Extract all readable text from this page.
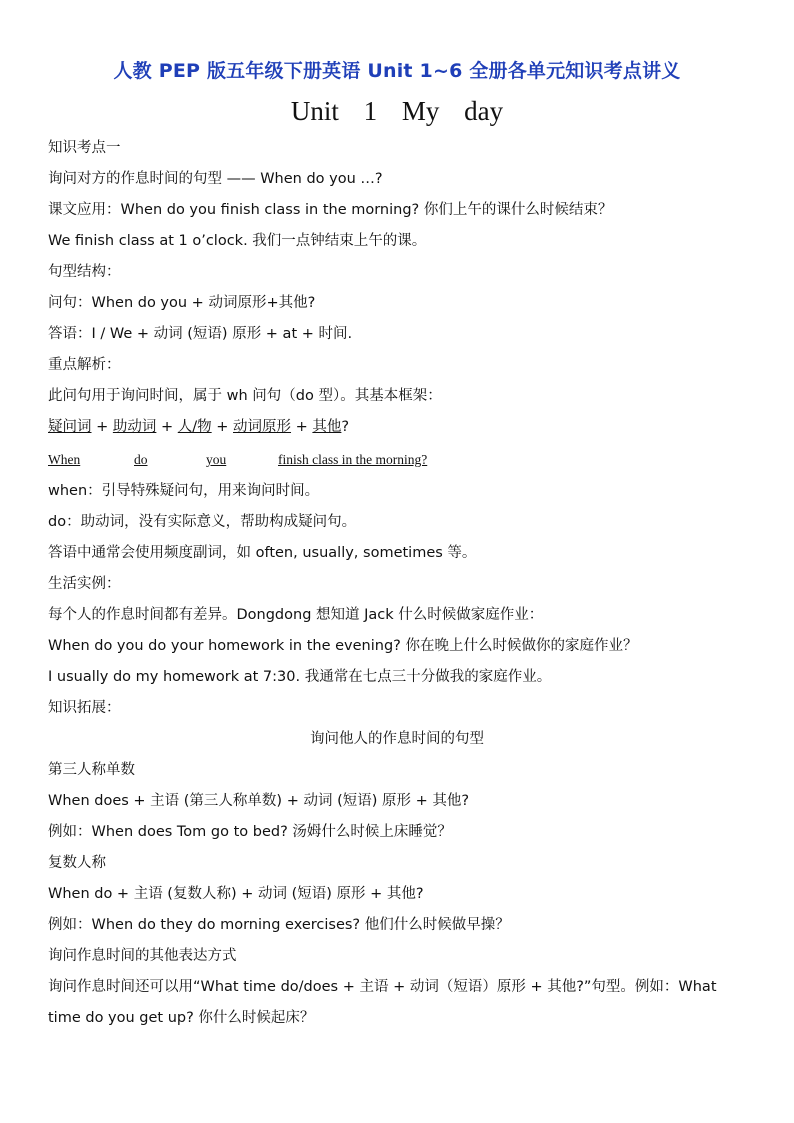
人教 PEP 版五年级下册英语 Unit 1~6 全册各单元知识考点讲义
Unit 1 My day
知识考点一
询问对方的作息时间的句型 —— When do you …?
课文应用：When do you finish class in the morning? 你们上午的课什么时候结束？
We finish class at 1 o’clock. 我们一点钟结束上午的课。
句型结构：
问句：When do you + 动词原形+其他?
答语：I / We + 动词 (短语) 原形 + at + 时间.
重点解析：
此问句用于询问时间，属于 wh 问句（do 型）。其基本框架：
疑问词 + 助动词 + 人/物 + 动词原形 + 其他?
When	do	you	finish class in the morning?
when：引导特殊疑问句，用来询问时间。
do：助动词，没有实际意义，帮助构成疑问句。
答语中通常会使用频度副词，如 often, usually, sometimes 等。
生活实例：
每个人的作息时间都有差异。Dongdong 想知道 Jack 什么时候做家庭作业：
When do you do your homework in the evening? 你在晚上什么时候做你的家庭作业？
I usually do my homework at 7:30. 我通常在七点三十分做我的家庭作业。
知识拓展：
询问他人的作息时间的句型
第三人称单数
When does + 主语 (第三人称单数) + 动词 (短语) 原形 + 其他?
例如：When does Tom go to bed? 汤姆什么时候上床睡觉？
复数人称
When do + 主语 (复数人称) + 动词 (短语) 原形 + 其他?
例如：When do they do morning exercises? 他们什么时候做早操？
询问作息时间的其他表达方式
询问作息时间还可以用“What time do/does + 主语 + 动词（短语）原形 + 其他?”句型。例如：What time do you get up? 你什么时候起床？
